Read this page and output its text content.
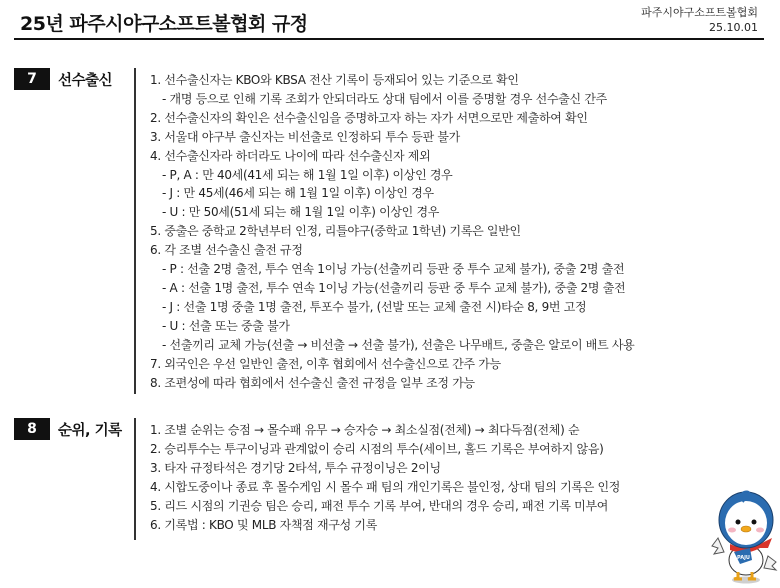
25년 파주시야구소프트볼협회 규정
파주시야구소프트볼협회
25.10.01
7	선수출신	1. 선수출신자는 KBO와 KBSA 전산 기록이 등재되어 있는 기준으로 확인
- 개명 등으로 인해 기록 조회가 안되더라도 상대 팀에서 이를 증명할 경우 선수출신 간주
2. 선수출신자의 확인은 선수출신임을 증명하고자 하는 자가 서면으로만 제출하여 확인
3. 서울대 야구부 출신자는 비선출로 인정하되 투수 등판 불가
4. 선수출신자라 하더라도 나이에 따라 선수출신자 제외
- P, A : 만 40세(41세 되는 해 1월 1일 이후) 이상인 경우
- J : 만 45세(46세 되는 해 1월 1일 이후) 이상인 경우
- U : 만 50세(51세 되는 해 1월 1일 이후) 이상인 경우
5. 중출은 중학교 2학년부터 인정, 리틀야구(중학교 1학년) 기록은 일반인
6. 각 조별 선수출신 출전 규정
- P : 선출 2명 출전, 투수 연속 1이닝 가능(선출끼리 등판 중 투수 교체 불가), 중출 2명 출전
- A : 선출 1명 출전, 투수 연속 1이닝 가능(선출끼리 등판 중 투수 교체 불가), 중출 2명 출전
- J : 선출 1명 중출 1명 출전, 투포수 불가, (선발 또는 교체 출전 시)타순 8, 9번 고정
- U : 선출 또는 중출 불가
- 선출끼리 교체 가능(선출 → 비선출 → 선출 불가), 선출은 나무배트, 중출은 알로이 배트 사용
7. 외국인은 우선 일반인 출전, 이후 협회에서 선수출신으로 간주 가능
8. 조편성에 따라 협회에서 선수출신 출전 규정을 일부 조정 가능
8	순위, 기록 1. 조별 순위는 승점 → 몰수패 유무 → 승자승 → 최소실점(전체) → 최다득점(전체) 순
2. 승리투수는 투구이닝과 관계없이 승리 시점의 투수(세이브, 홀드 기록은 부여하지 않음)
3. 타자 규정타석은 경기당 2타석, 투수 규정이닝은 2이닝
4. 시합도중이나 종료 후 몰수게임 시 몰수 패 팀의 개인기록은 불인정, 상대 팀의 기록은 인정
5. 리드 시점의 기권승 팀은 승리, 패전 투수 기록 부여, 반대의 경우 승리, 패전 기록 미부여
6. 기록법 : KBO 및 MLB 자책점 재구성 기록
PAJU
